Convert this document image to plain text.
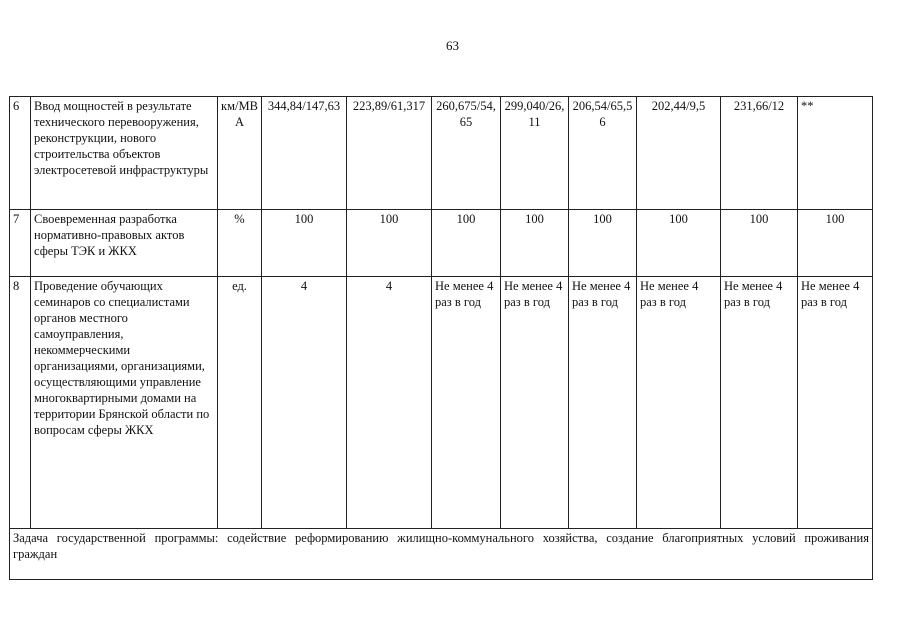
63
6	Ввод мощностей в результате технического перевооружения, реконструкции, нового строительства объектов электросетевой инфраструктуры	км/МВА	344,84/147,63	223,89/61,317	260,675/54,65	299,040/26,11	206,54/65,56	202,44/9,5	231,66/12	**
7	Своевременная разработка нормативно-правовых актов сферы ТЭК и ЖКХ	%	100	100	100	100	100	100	100	100
8	Проведение обучающих семинаров со специалистами органов местного самоуправления, некоммерческими организациями, организациями, осуществляющими управление многоквартирными домами на территории Брянской области по вопросам сферы ЖКХ	ед.	4	4	Не менее 4 раз в год	Не менее 4 раз в год	Не менее 4 раз в год	Не менее 4 раз в год	Не менее 4 раз в год	Не менее 4 раз в год
Задача государственной программы: содействие реформированию жилищно-коммунального хозяйства, создание благоприятных условий проживания граждан										
